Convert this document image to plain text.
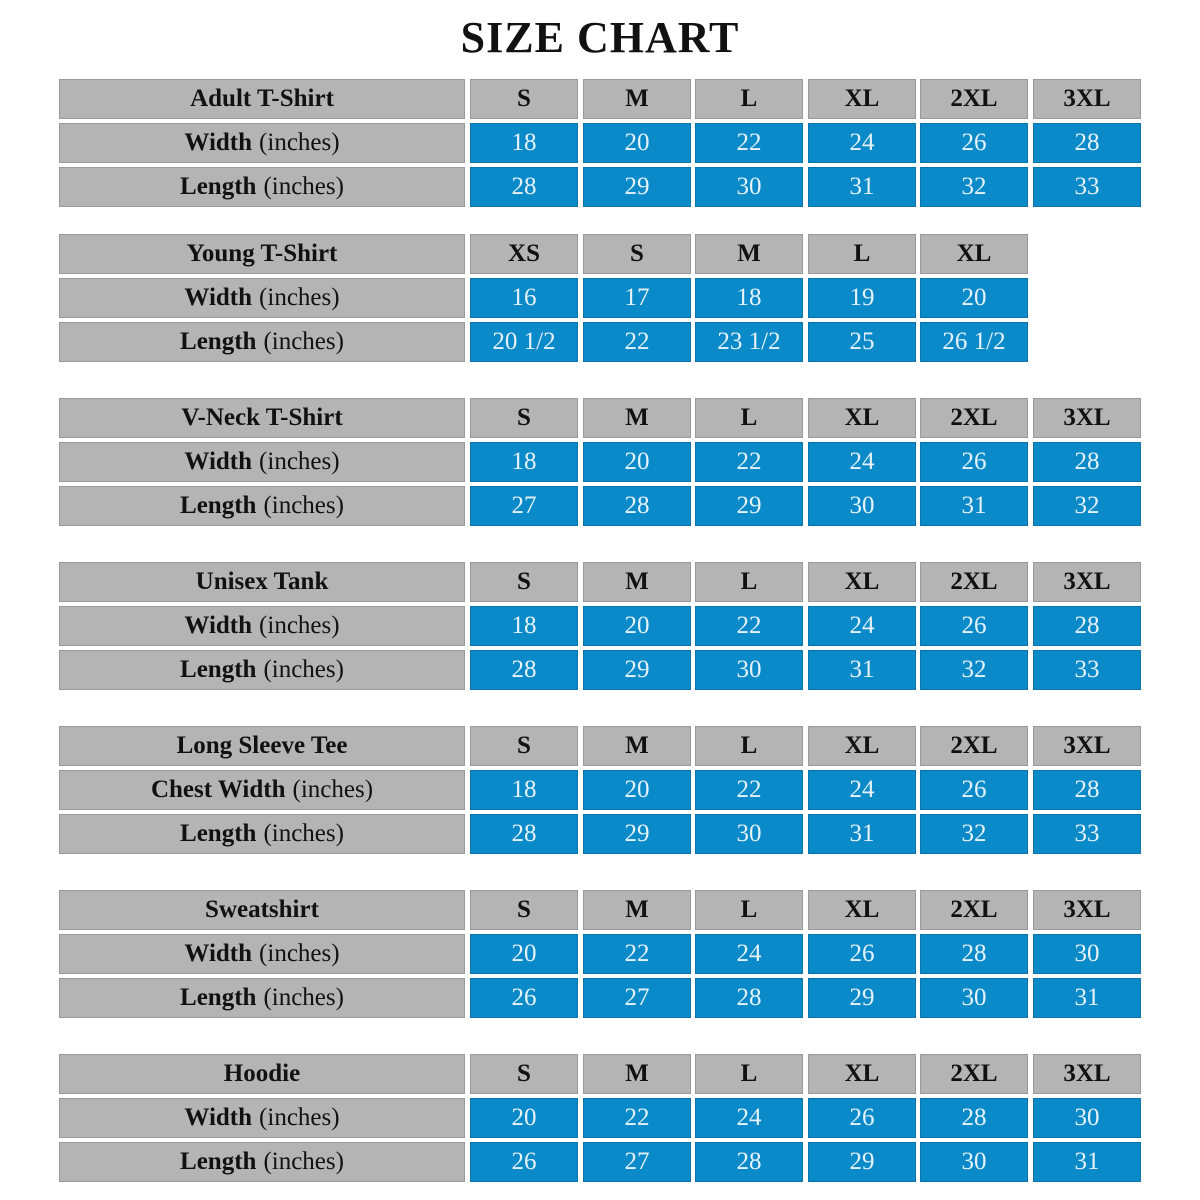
SIZE CHART
Adult T-Shirt	S	M	L	XL	2XL	3XL
Width (inches)	18	20	22	24	26	28
Length (inches)	28	29	30	31	32	33
Young T-Shirt	XS	S	M	L	XL
Width (inches)	16	17	18	19	20
Length (inches)	20 1/2	22	23 1/2	25	26 1/2
V-Neck T-Shirt	S	M	L	XL	2XL	3XL
Width (inches)	18	20	22	24	26	28
Length (inches)	27	28	29	30	31	32
Unisex Tank	S	M	L	XL	2XL	3XL
Width (inches)	18	20	22	24	26	28
Length (inches)	28	29	30	31	32	33
Long Sleeve Tee	S	M	L	XL	2XL	3XL
Chest Width (inches)	18	20	22	24	26	28
Length (inches)	28	29	30	31	32	33
Sweatshirt	S	M	L	XL	2XL	3XL
Width (inches)	20	22	24	26	28	30
Length (inches)	26	27	28	29	30	31
Hoodie	S	M	L	XL	2XL	3XL
Width (inches)	20	22	24	26	28	30
Length (inches)	26	27	28	29	30	31
